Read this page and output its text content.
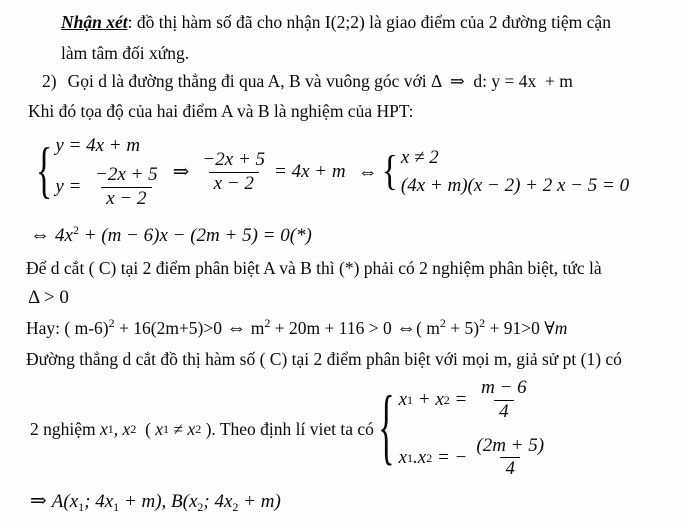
Nhận xét: đồ thị hàm số đã cho nhận I(2;2) là giao điểm của 2 đường tiệm cận
làm tâm đối xứng.
2) Gọi d là đường thẳng đi qua A, B và vuông góc với Δ  ⇒  d: y = 4x  + m
Khi đó tọa độ của hai điểm A và B là nghiệm của HPT:
{ y = 4x + m
$y = \frac{-2x + 5}{x - 2}$ ⇒ $\frac{-2x + 5}{x - 2} = 4x + m$ ⇔ { x ≠ 2
(4x + m)(x − 2) + 2 x − 5 = 0
⇔ $4x^2 + (m - 6)x - (2m + 5) = 0(*)$
Để d cắt ( C) tại 2 điểm phân biệt A và B thì (*) phải có 2 nghiệm phân biệt, tức là
Δ > 0
Hay: ( m-6)$^2$ + 16(2m+5)>0 ⇔ $m^2 + 20m + 116 > 0$ ⇔( $m^2 + 5)^2 + 91>0$ ∀m
Đường thẳng d cắt đồ thị hàm số ( C) tại 2 điểm phân biệt với mọi m, giả sử pt (1) có
2 nghiệm x 1 , x 2 ( x 1 ≠ x 2 ). Theo định lí viet ta có { x 1 + x $2 = \frac{m - 6}{4}$
x 1 . x 2 = − $\frac{(2m + 5)}{4}$
⇒ $A(x_1$; $4x_1 + m$), $B(x_2$; $4x_2 + m$)
